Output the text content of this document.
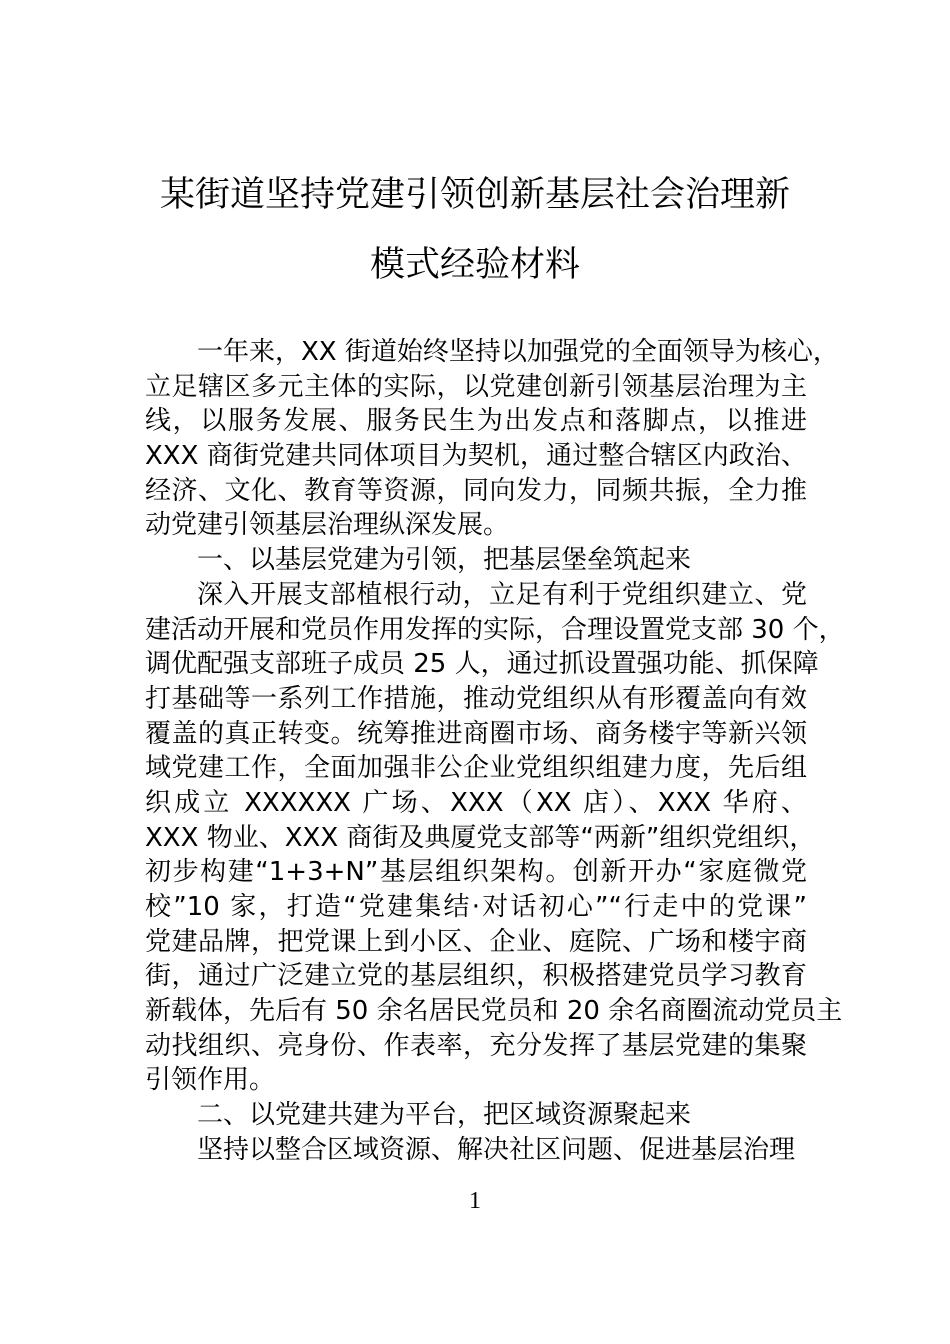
某街道坚持党建引领创新基层社会治理新
模式经验材料
一年来，XX 街道始终坚持以加强党的全面领导为核心，
立足辖区多元主体的实际，以党建创新引领基层治理为主
线，以服务发展、服务民生为出发点和落脚点，以推进
XXX 商街党建共同体项目为契机，通过整合辖区内政治、
经济、文化、教育等资源，同向发力，同频共振，全力推
动党建引领基层治理纵深发展。
一、以基层党建为引领，把基层堡垒筑起来
深入开展支部植根行动，立足有利于党组织建立、党
建活动开展和党员作用发挥的实际，合理设置党支部 30 个，
调优配强支部班子成员 25 人，通过抓设置强功能、抓保障
打基础等一系列工作措施，推动党组织从有形覆盖向有效
覆盖的真正转变。统筹推进商圈市场、商务楼宇等新兴领
域党建工作，全面加强非公企业党组织组建力度，先后组
织成立 XXXXXX 广场、XXX（XX 店）、XXX 华府、
XXX 物业、XXX 商街及典厦党支部等“两新”组织党组织，
初步构建“1+3+N”基层组织架构。创新开办“家庭微党
校”10 家，打造“党建集结·对话初心”“行走中的党课”
党建品牌，把党课上到小区、企业、庭院、广场和楼宇商
街，通过广泛建立党的基层组织，积极搭建党员学习教育
新载体，先后有 50 余名居民党员和 20 余名商圈流动党员主
动找组织、亮身份、作表率，充分发挥了基层党建的集聚
引领作用。
二、以党建共建为平台，把区域资源聚起来
坚持以整合区域资源、解决社区问题、促进基层治理
1
